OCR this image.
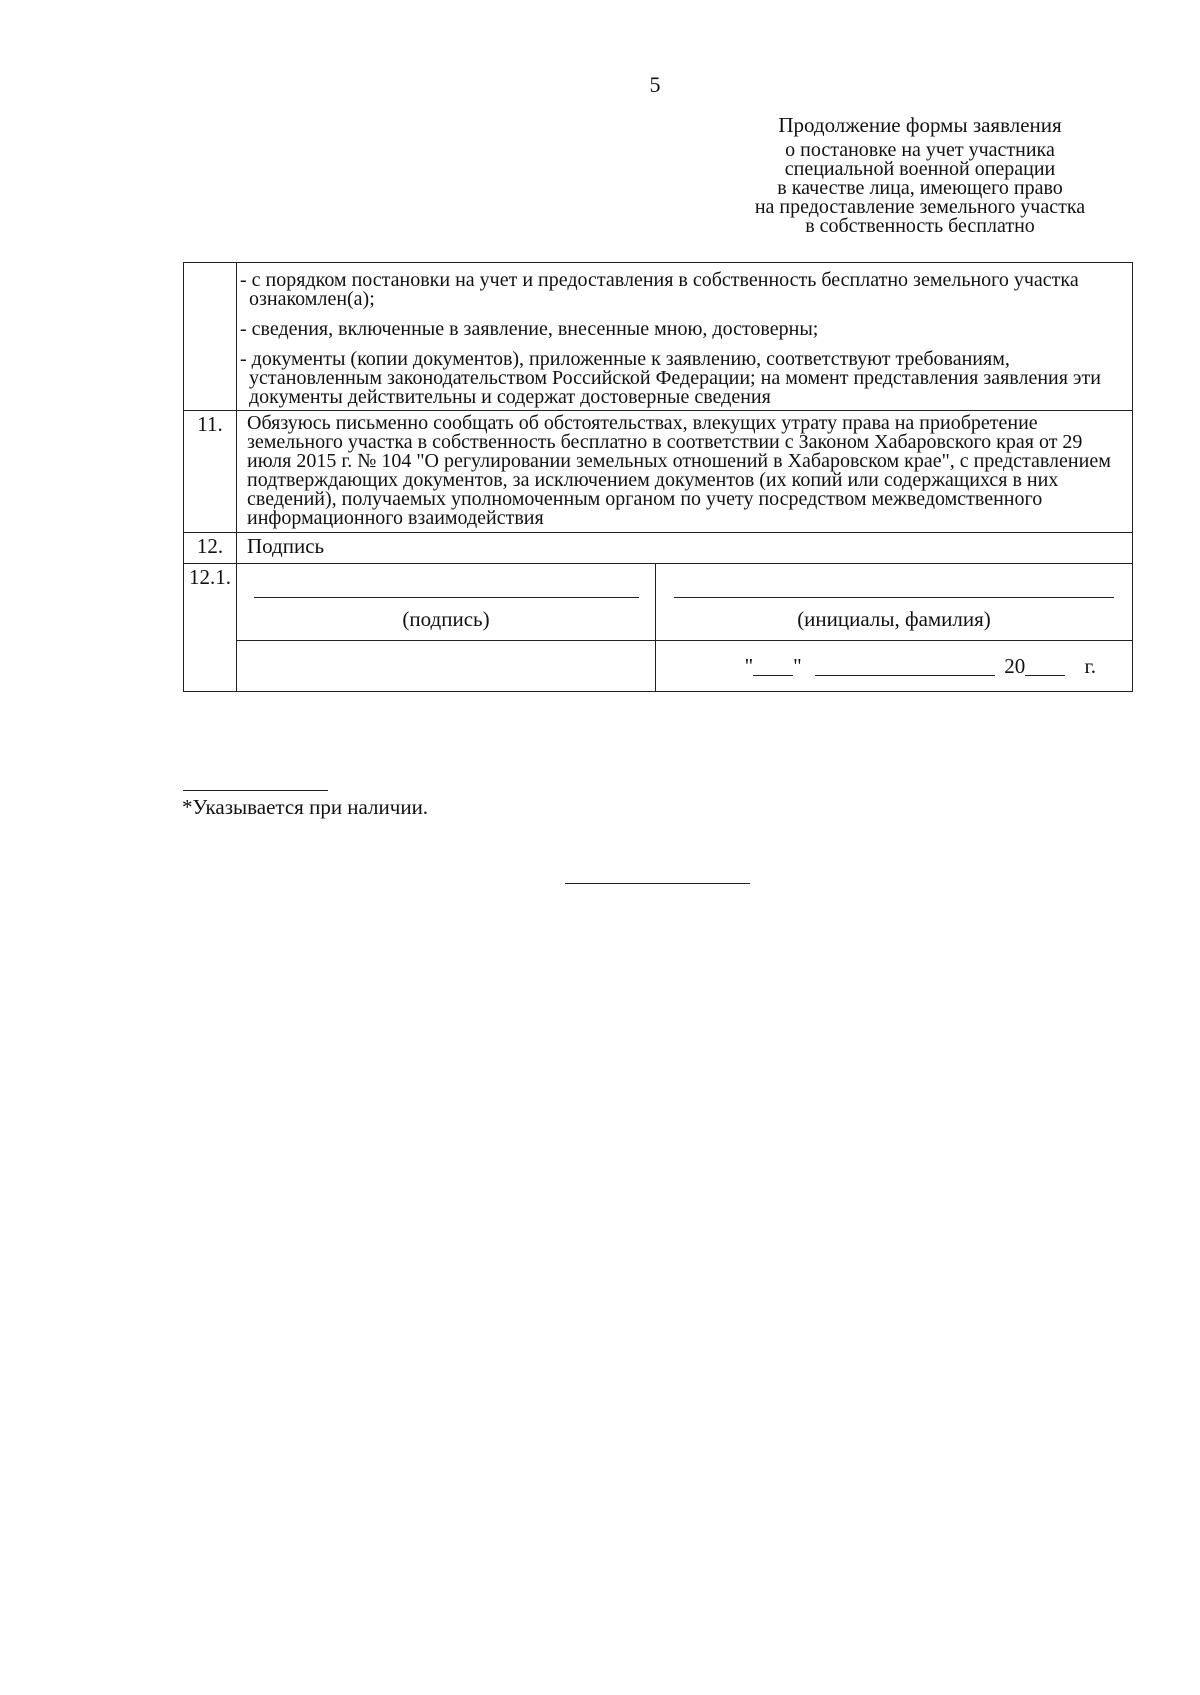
5
Продолжение формы заявления
о постановке на учет участника
специальной военной операции
в качестве лица, имеющего право
на предоставление земельного участка
в собственность бесплатно

	- с порядком постановки на учет и предоставления в собственность бесплатно земельного участка ознакомлен(а);
- сведения, включенные в заявление, внесенные мною, достоверны;
- документы (копии документов), приложенные к заявлению, соответствуют требованиям, установленным законодательством Российской Федерации; на момент представления заявления эти документы действительны и содержат достоверные сведения	

11.	Обязуюсь письменно сообщать об обстоятельствах, влекущих утрату права на приобретение земельного участка в собственность бесплатно в соответствии с Законом Хабаровского края от 29 июля 2015 г. № 104 "О регулировании земельных отношений в Хабаровском крае", с представлением подтверждающих документов, за исключением документов (их копий или содержащихся в них сведений), получаемых уполномоченным органом по учету посредством межведомственного информационного взаимодействия	

12.	Подпись	

12.1.	(подпись)	(инициалы, фамилия)

		" " 20 г.
*Указывается при наличии.
